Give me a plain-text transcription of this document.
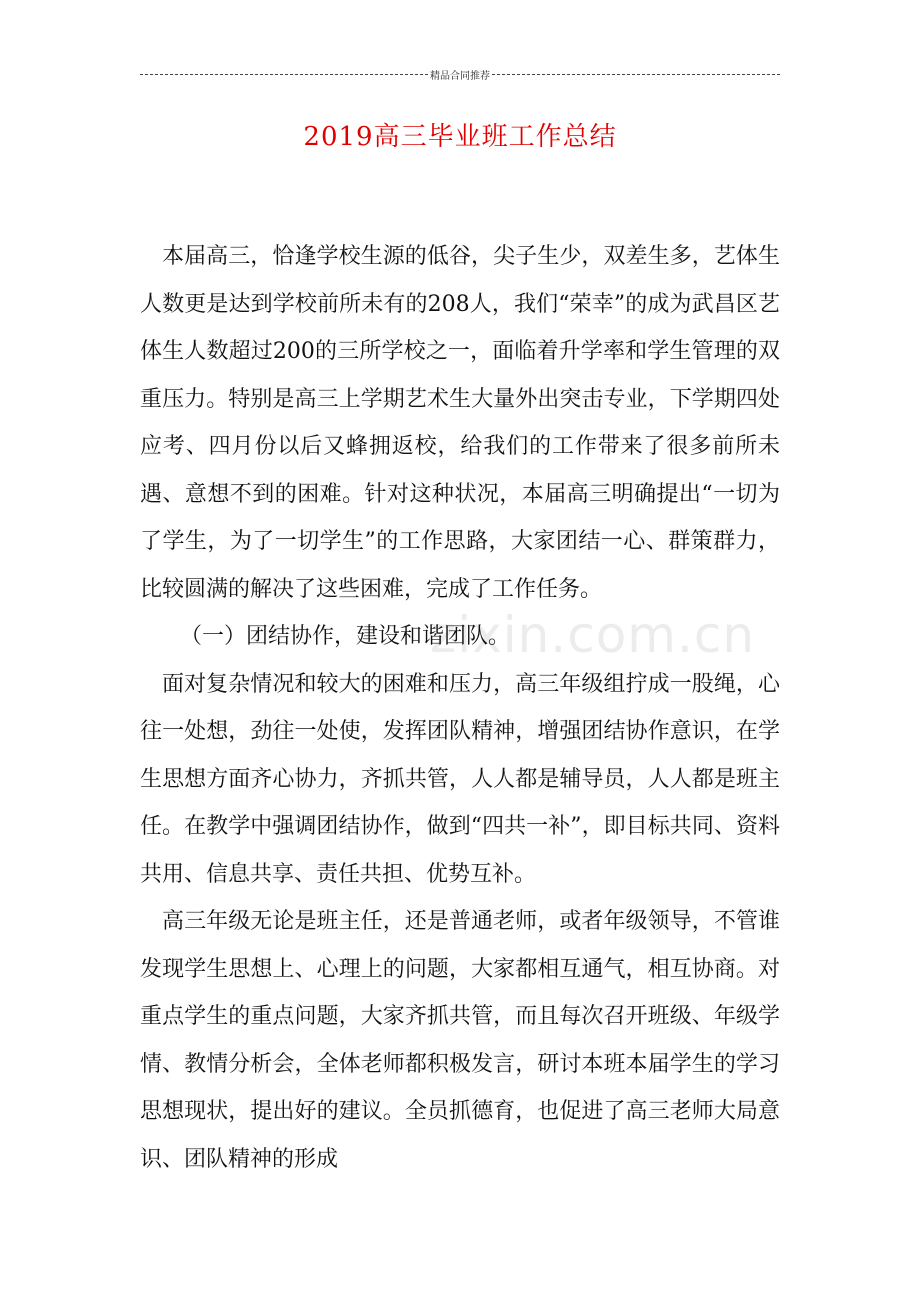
精品合同推荐
2019高三毕业班工作总结
zixin.com.cn

本届高三，恰逢学校生源的低谷，尖子生少，双差生多，艺体生人数更是达到学校前所未有的208人，我们“荣幸”的成为武昌区艺体生人数超过200的三所学校之一，面临着升学率和学生管理的双重压力。特别是高三上学期艺术生大量外出突击专业，下学期四处应考、四月份以后又蜂拥返校，给我们的工作带来了很多前所未遇、意想不到的困难。针对这种状况，本届高三明确提出“一切为了学生，为了一切学生”的工作思路，大家团结一心、群策群力，比较圆满的解决了这些困难，完成了工作任务。

（一）团结协作，建设和谐团队。

面对复杂情况和较大的困难和压力，高三年级组拧成一股绳，心往一处想，劲往一处使，发挥团队精神，增强团结协作意识，在学生思想方面齐心协力，齐抓共管，人人都是辅导员，人人都是班主任。在教学中强调团结协作，做到“四共一补”，即目标共同、资料共用、信息共享、责任共担、优势互补。

高三年级无论是班主任，还是普通老师，或者年级领导，不管谁发现学生思想上、心理上的问题，大家都相互通气，相互协商。对重点学生的重点问题，大家齐抓共管，而且每次召开班级、年级学情、教情分析会，全体老师都积极发言，研讨本班本届学生的学习思想现状，提出好的建议。全员抓德育，也促进了高三老师大局意识、团队精神的形成
